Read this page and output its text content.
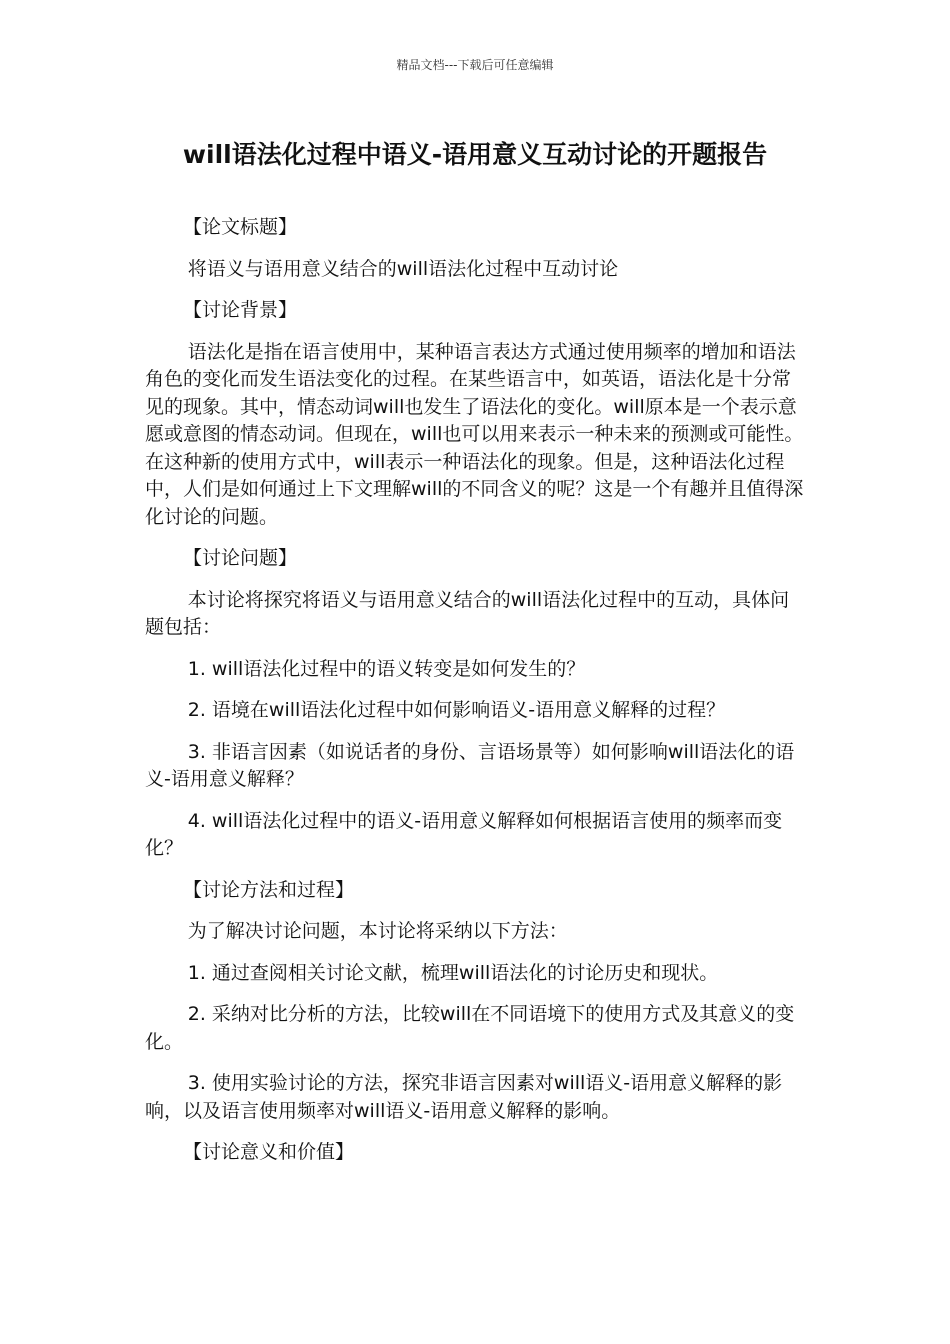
精品文档---下载后可任意编辑
will语法化过程中语义-语用意义互动讨论的开题报告

【论文标题】

将语义与语用意义结合的will语法化过程中互动讨论

【讨论背景】

语法化是指在语言使用中，某种语言表达方式通过使用频率的增加和语法角色的变化而发生语法变化的过程。在某些语言中，如英语，语法化是十分常见的现象。其中，情态动词will也发生了语法化的变化。will原本是一个表示意愿或意图的情态动词。但现在，will也可以用来表示一种未来的预测或可能性。在这种新的使用方式中，will表示一种语法化的现象。但是，这种语法化过程中，人们是如何通过上下文理解will的不同含义的呢？这是一个有趣并且值得深化讨论的问题。

【讨论问题】

本讨论将探究将语义与语用意义结合的will语法化过程中的互动，具体问题包括：

1. will语法化过程中的语义转变是如何发生的？

2. 语境在will语法化过程中如何影响语义-语用意义解释的过程？

3. 非语言因素（如说话者的身份、言语场景等）如何影响will语法化的语义-语用意义解释？

4. will语法化过程中的语义-语用意义解释如何根据语言使用的频率而变化？

【讨论方法和过程】

为了解决讨论问题，本讨论将采纳以下方法：

1. 通过查阅相关讨论文献，梳理will语法化的讨论历史和现状。

2. 采纳对比分析的方法，比较will在不同语境下的使用方式及其意义的变化。

3. 使用实验讨论的方法，探究非语言因素对will语义-语用意义解释的影响，以及语言使用频率对will语义-语用意义解释的影响。

【讨论意义和价值】
